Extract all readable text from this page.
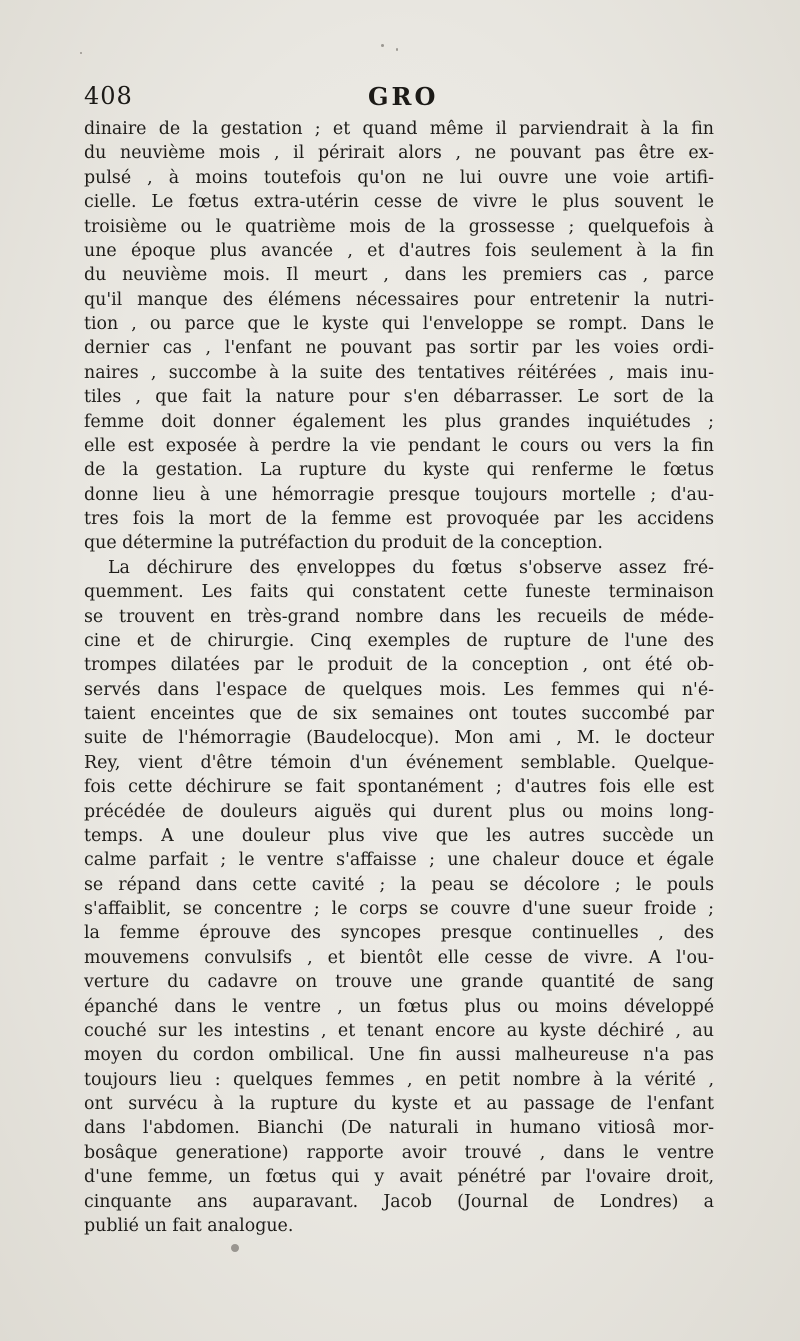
408	GRO
dinaire de la gestation ; et quand même il parviendrait à la fin
du neuvième mois , il périrait alors , ne pouvant pas être ex-
pulsé , à moins toutefois qu'on ne lui ouvre une voie artifi-
cielle. Le fœtus extra-utérin cesse de vivre le plus souvent le
troisième ou le quatrième mois de la grossesse ; quelquefois à
une époque plus avancée , et d'autres fois seulement à la fin
du neuvième mois. Il meurt , dans les premiers cas , parce
qu'il manque des élémens nécessaires pour entretenir la nutri-
tion , ou parce que le kyste qui l'enveloppe se rompt. Dans le
dernier cas , l'enfant ne pouvant pas sortir par les voies ordi-
naires , succombe à la suite des tentatives réitérées , mais inu-
tiles , que fait la nature pour s'en débarrasser. Le sort de la
femme doit donner également les plus grandes inquiétudes ;
elle est exposée à perdre la vie pendant le cours ou vers la fin
de la gestation. La rupture du kyste qui renferme le fœtus
donne lieu à une hémorragie presque toujours mortelle ; d'au-
tres fois la mort de la femme est provoquée par les accidens
que détermine la putréfaction du produit de la conception.
La déchirure des enveloppes du fœtus s'observe assez fré-
quemment. Les faits qui constatent cette funeste terminaison
se trouvent en très-grand nombre dans les recueils de méde-
cine et de chirurgie. Cinq exemples de rupture de l'une des
trompes dilatées par le produit de la conception , ont été ob-
servés dans l'espace de quelques mois. Les femmes qui n'é-
taient enceintes que de six semaines ont toutes succombé par
suite de l'hémorragie (Baudelocque). Mon ami , M. le docteur
Rey, vient d'être témoin d'un événement semblable. Quelque-
fois cette déchirure se fait spontanément ; d'autres fois elle est
précédée de douleurs aiguës qui durent plus ou moins long-
temps. A une douleur plus vive que les autres succède un
calme parfait ; le ventre s'affaisse ; une chaleur douce et égale
se répand dans cette cavité ; la peau se décolore ; le pouls
s'affaiblit, se concentre ; le corps se couvre d'une sueur froide ;
la femme éprouve des syncopes presque continuelles , des
mouvemens convulsifs , et bientôt elle cesse de vivre. A l'ou-
verture du cadavre on trouve une grande quantité de sang
épanché dans le ventre , un fœtus plus ou moins développé
couché sur les intestins , et tenant encore au kyste déchiré , au
moyen du cordon ombilical. Une fin aussi malheureuse n'a pas
toujours lieu : quelques femmes , en petit nombre à la vérité ,
ont survécu à la rupture du kyste et au passage de l'enfant
dans l'abdomen. Bianchi (De naturali in humano vitiosâ mor-
bosâque generatione) rapporte avoir trouvé , dans le ventre
d'une femme, un fœtus qui y avait pénétré par l'ovaire droit,
cinquante ans auparavant. Jacob (Journal de Londres) a
publié un fait analogue.
